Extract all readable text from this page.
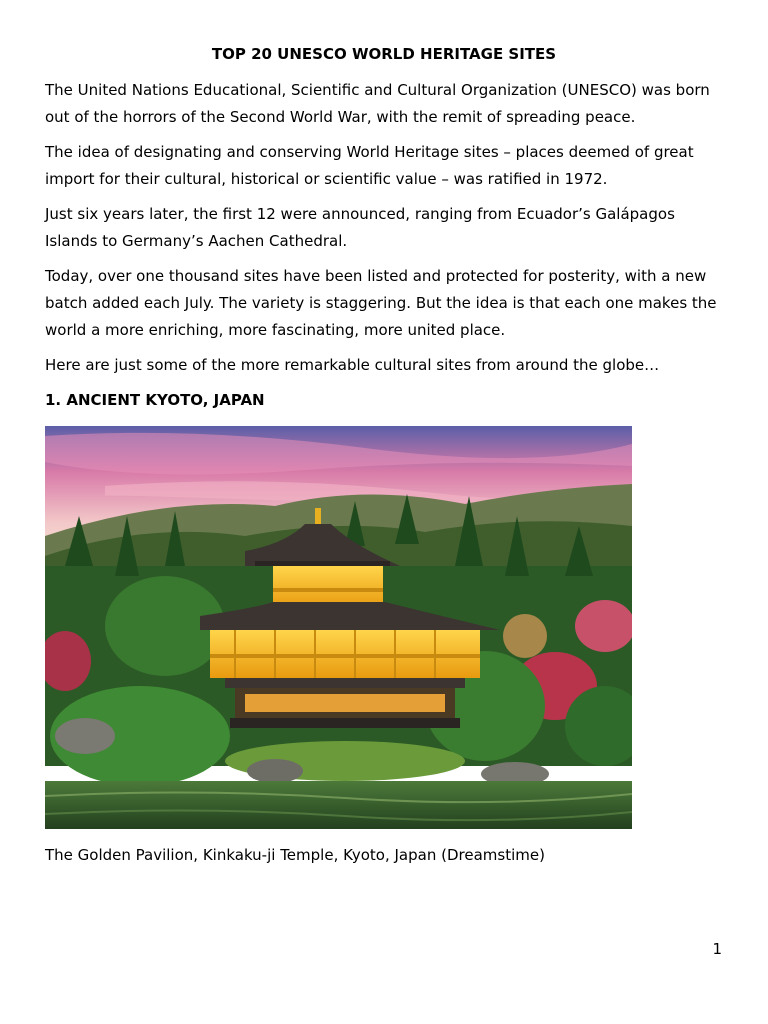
TOP 20 UNESCO WORLD HERITAGE SITES

The United Nations Educational, Scientific and Cultural Organization (UNESCO) was born out of the horrors of the Second World War, with the remit of spreading peace.

The idea of designating and conserving World Heritage sites – places deemed of great import for their cultural, historical or scientific value – was ratified in 1972.

Just six years later, the first 12 were announced, ranging from Ecuador’s Galápagos Islands to Germany’s Aachen Cathedral.

Today, over one thousand sites have been listed and protected for posterity, with a new batch added each July. The variety is staggering. But the idea is that each one makes the world a more enriching, more fascinating, more united place.

Here are just some of the more remarkable cultural sites from around the globe…

1. ANCIENT KYOTO, JAPAN
The Golden Pavilion, Kinkaku-ji Temple, Kyoto, Japan (Dreamstime)
1
